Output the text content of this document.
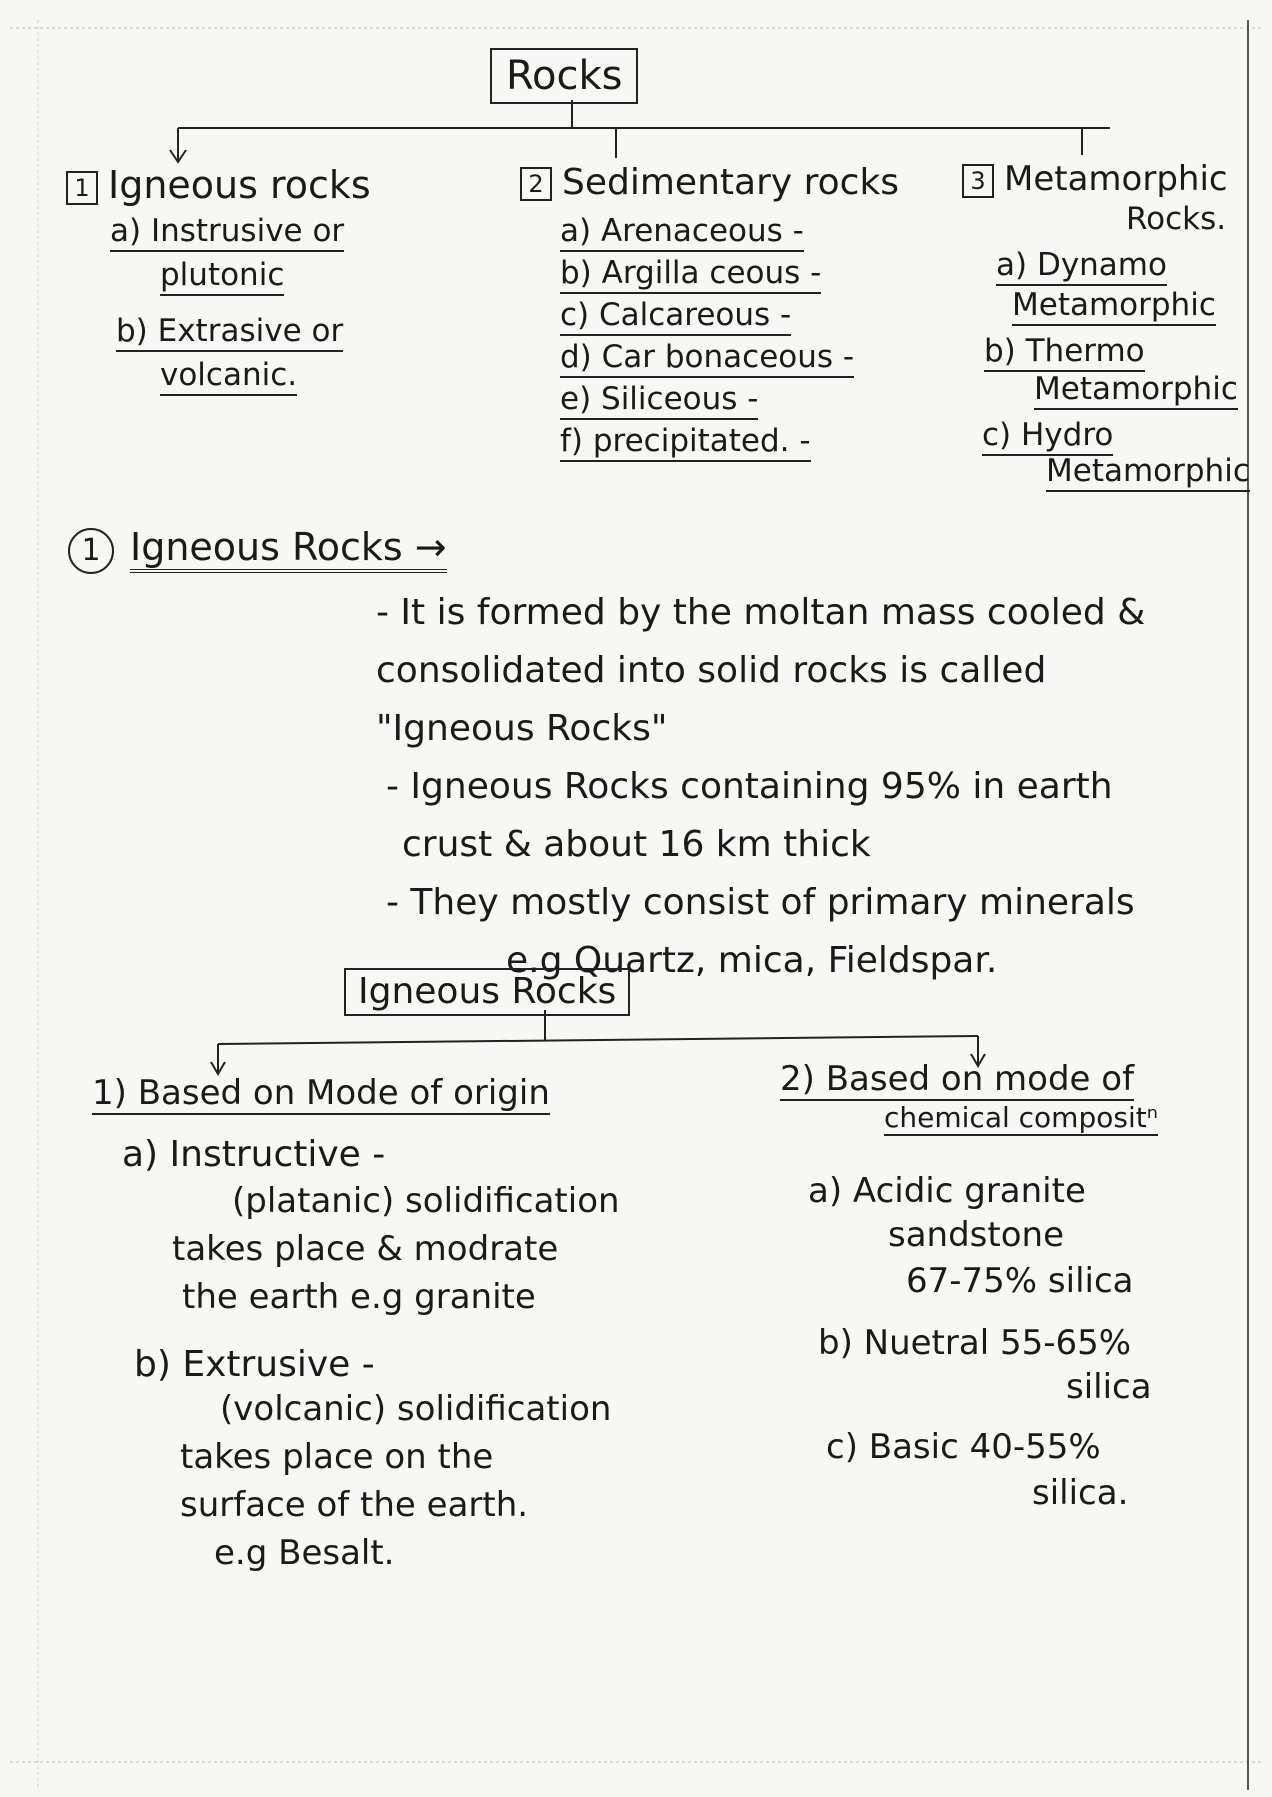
Rocks
1 Igneous rocks
a) Instrusive or
plutonic
b) Extrasive or
volcanic.
2 Sedimentary rocks
a) Arenaceous -
b) Argilla ceous -
c) Calcareous -
d) Car bonaceous -
e) Siliceous -
f) precipitated. -
3 Metamorphic
Rocks.
a) Dynamo
Metamorphic
b) Thermo
Metamorphic
c) Hydro
Metamorphic
1 Igneous Rocks →
- It is formed by the moltan mass cooled &
consolidated into solid rocks is called
"Igneous Rocks"
- Igneous Rocks containing 95% in earth
crust & about 16 km thick
- They mostly consist of primary minerals
e.g Quartz, mica, Fieldspar.
Igneous Rocks
1) Based on Mode of origin
a) Instructive -
(platanic) solidification
takes place & modrate
the earth e.g granite
b) Extrusive -
(volcanic) solidification
takes place on the
surface of the earth.
e.g Besalt.
2) Based on mode of
chemical compositⁿ
a) Acidic granite
sandstone
67-75% silica
b) Nuetral 55-65%
silica
c) Basic 40-55%
silica.
